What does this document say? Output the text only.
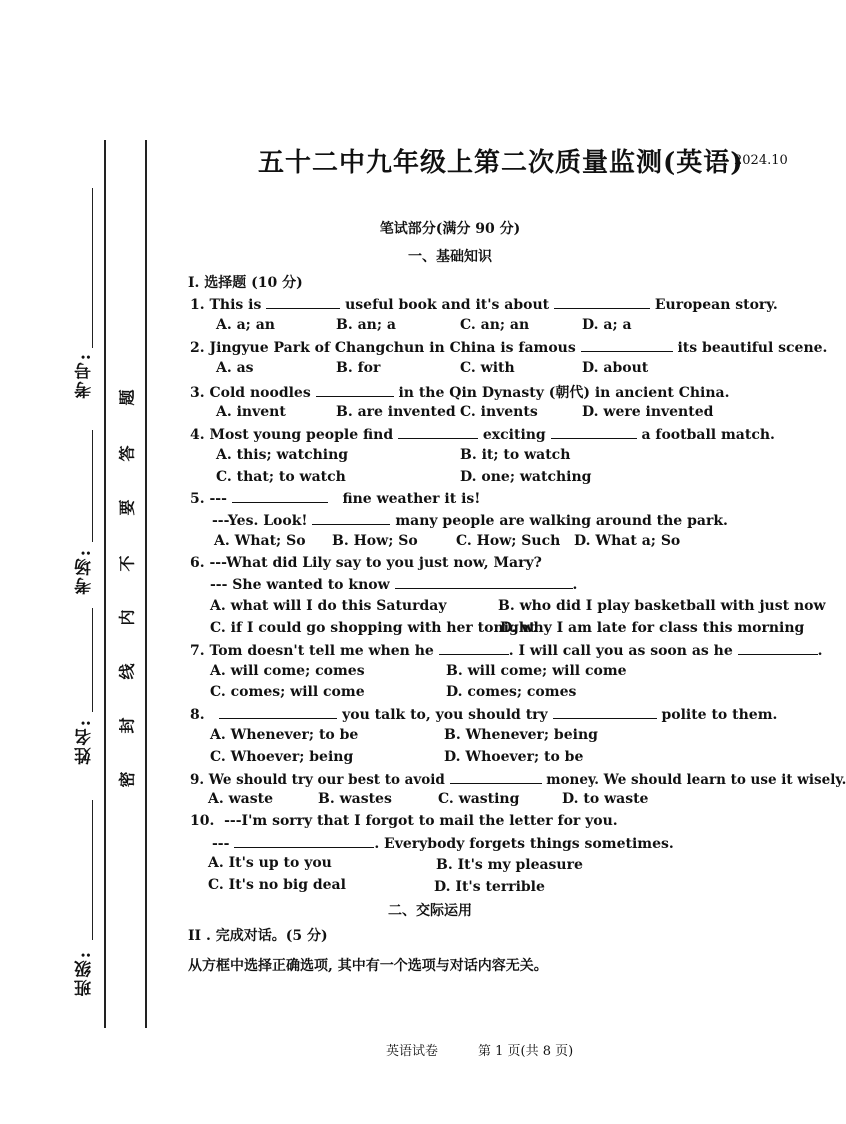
考号:
考场:
姓名:
班级:
题
答
要
不
内
线
封
密
五十二中九年级上第二次质量监测(英语)
2024.10
笔试部分(满分 90 分)
一、基础知识
I. 选择题 (10 分)
1. This is	useful book and it's about	European story.
A. a; an	B. an; a	C. an; an	D. a; a
2. Jingyue Park of Changchun in China is famous	its beautiful scene.
A. as	B. for	C. with	D. about
3. Cold noodles	in the Qin Dynasty (朝代) in ancient China.
A. invent	B. are invented C. invents	D. were invented
4. Most young people find	exciting	a football match.
A. this; watching	B. it; to watch
C. that; to watch	D. one; watching
5. ---	fine weather it is!
---Yes. Look!	many people are walking around the park.
A. What; So B. How; So	C. How; Such D. What a; So
6. ---What did Lily say to you just now, Mary?
--- She wanted to know	.
A. what will I do this Saturday	B. who did I play basketball with just now
C. if I could go shopping with her tonight
D. why I am late for class this morning
7. Tom doesn't tell me when he	. I will call you as soon as he	.
A. will come; comes	B. will come; will come
C. comes; will come	D. comes; comes
8.	you talk to, you should try	polite to them.
A. Whenever; to be	B. Whenever; being
C. Whoever; being	D. Whoever; to be
9. We should try our best to avoid	money. We should learn to use it wisely.
A. waste	B. wastes	C. wasting	D. to waste
10. ---I'm sorry that I forgot to mail the letter for you.
---	. Everybody forgets things sometimes.
A. It's up to you	B. It's my pleasure
C. It's no big deal	D. It's terrible
二、交际运用
II . 完成对话。(5 分)
从方框中选择正确选项, 其中有一个选项与对话内容无关。
英语试卷	第 1 页(共 8 页)
